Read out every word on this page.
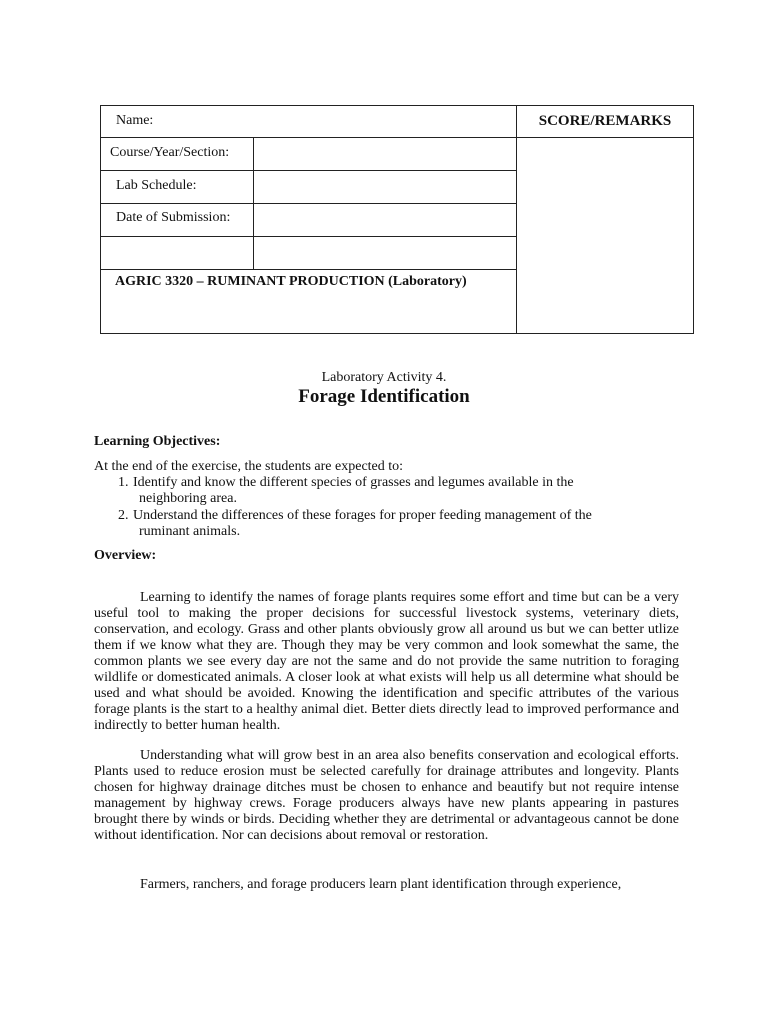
Name:	SCORE/REMARKS
Course/Year/Section:
Lab Schedule:
Date of Submission:
AGRIC 3320 – RUMINANT PRODUCTION (Laboratory)
Laboratory Activity 4.
Forage Identification
Learning Objectives:
At the end of the exercise, the students are expected to:
1. Identify and know the different species of grasses and legumes available in the
neighboring area.
2. Understand the differences of these forages for proper feeding management of the
ruminant animals.
Overview:
Learning to identify the names of forage plants requires some effort and time but can be a very useful tool to making the proper decisions for successful livestock systems, veterinary diets, conservation, and ecology. Grass and other plants obviously grow all around us but we can better utlize them if we know what they are. Though they may be very common and look somewhat the same, the common plants we see every day are not the same and do not provide the same nutrition to foraging wildlife or domesticated animals. A closer look at what exists will help us all determine what should be used and what should be avoided. Knowing the identification and specific attributes of the various forage plants is the start to a healthy animal diet. Better diets directly lead to improved performance and indirectly to better human health.
Understanding what will grow best in an area also benefits conservation and ecological efforts. Plants used to reduce erosion must be selected carefully for drainage attributes and longevity. Plants chosen for highway drainage ditches must be chosen to enhance and beautify but not require intense management by highway crews. Forage producers always have new plants appearing in pastures brought there by winds or birds. Deciding whether they are detrimental or advantageous cannot be done without identification. Nor can decisions about removal or restoration.
Farmers, ranchers, and forage producers learn plant identification through experience,
